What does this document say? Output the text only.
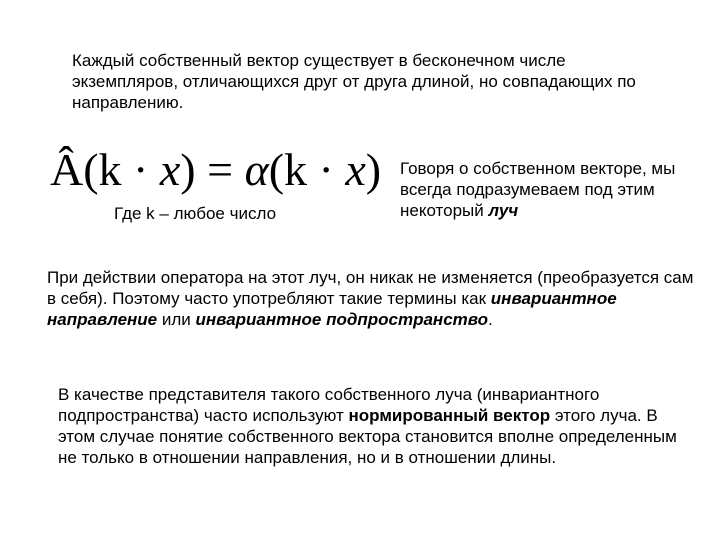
Каждый собственный вектор существует в бесконечном числе экземпляров, отличающихся друг от друга длиной, но совпадающих по направлению.
Â(k · x) = α(k · x)
Где k – любое число
Говоря о собственном векторе, мы всегда подразумеваем под этим некоторый луч
При действии оператора на этот луч, он никак не изменяется (преобразуется сам в себя). Поэтому часто употребляют такие термины как инвариантное направление или инвариантное подпространство.
В качестве представителя такого собственного луча (инвариантного подпространства) часто используют нормированный вектор этого луча. В этом случае понятие собственного вектора становится вполне определенным не только в отношении направления, но и в отношении длины.
